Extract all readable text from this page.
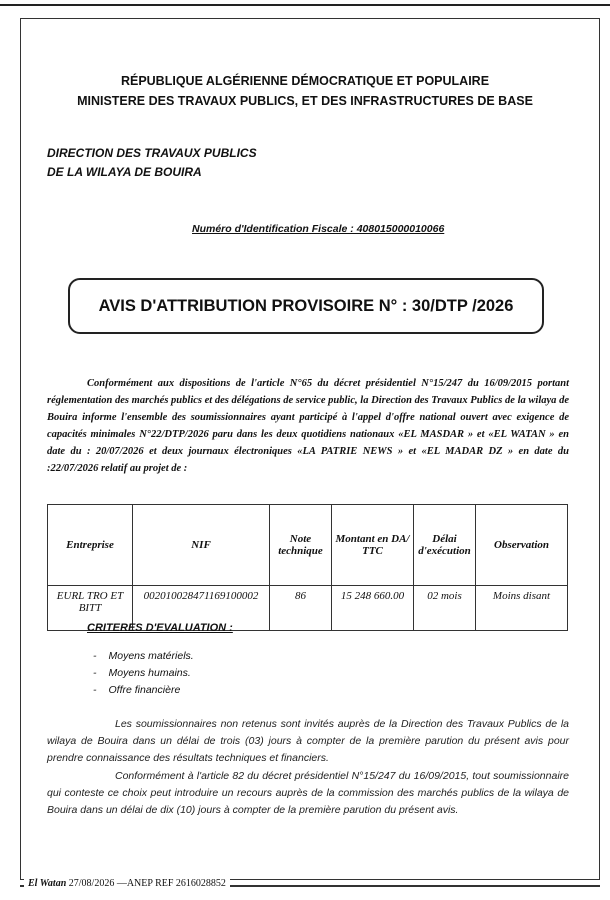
RÉPUBLIQUE ALGÉRIENNE DÉMOCRATIQUE ET POPULAIRE
MINISTERE DES TRAVAUX PUBLICS, ET DES INFRASTRUCTURES DE BASE
DIRECTION DES TRAVAUX PUBLICS
DE LA WILAYA DE BOUIRA
Numéro d'Identification Fiscale : 408015000010066
AVIS D'ATTRIBUTION PROVISOIRE N° : 30/DTP /2026

Conformément aux dispositions de l'article N°65 du décret présidentiel N°15/247 du 16/09/2015 portant réglementation des marchés publics et des délégations de service public, la Direction des Travaux Publics de la wilaya de Bouira informe l'ensemble des soumissionnaires ayant participé à l'appel d'offre national ouvert avec exigence de capacités minimales N°22/DTP/2026 paru dans les deux quotidiens nationaux «EL MASDAR » et «EL WATAN » en date du : 20/07/2026 et deux journaux électroniques «LA PATRIE NEWS » et «EL MADAR DZ » en date du :22/07/2026 relatif au projet de :

Entreprise	NIF	Note technique	Montant en DA/ TTC	Délai d'exécution	Observation
EURL TRO ET BITT	002010028471169100002	86	15 248 660.00	02 mois	Moins disant
CRITERES D'EVALUATION :
- Moyens matériels.
- Moyens humains.
- Offre financière

Les soumissionnaires non retenus sont invités auprès de la Direction des Travaux Publics de la wilaya de Bouira dans un délai de trois (03) jours à compter de la première parution du présent avis pour prendre connaissance des résultats techniques et financiers.

Conformément à l'article 82 du décret présidentiel N°15/247 du 16/09/2015, tout soumissionnaire qui conteste ce choix peut introduire un recours auprès de la commission des marchés publics de la wilaya de Bouira dans un délai de dix (10) jours à compter de la première parution du présent avis.

El Watan 27/08/2026 —ANEP REF 2616028852
